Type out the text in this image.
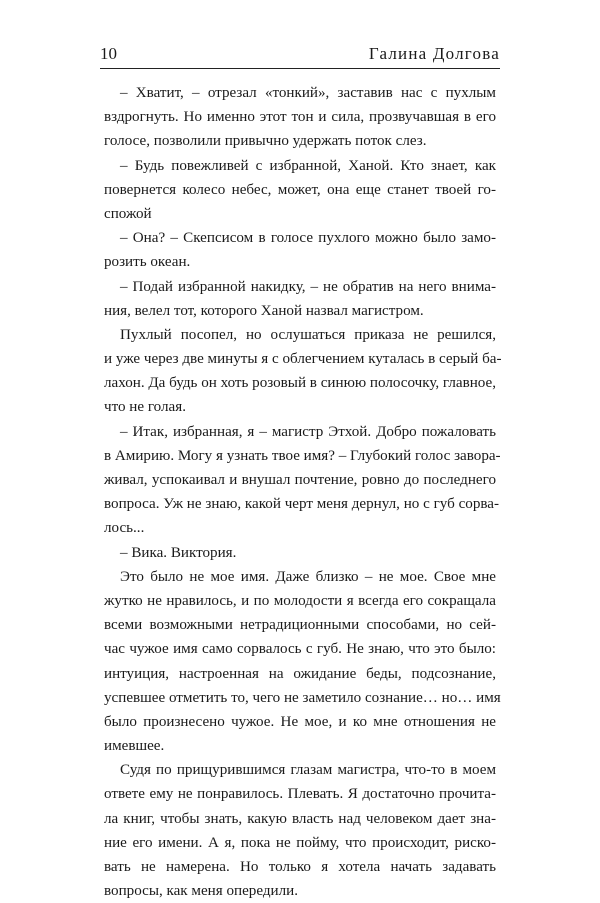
10	Галина Долгова
– Хватит, – отрезал «тонкий», заставив нас с пухлым
вздрогнуть. Но именно этот тон и сила, прозвучавшая в его
голосе, позволили привычно удержать поток слез.
– Будь повежливей с избранной, Ханой. Кто знает, как
повернется колесо небес, может, она еще станет твоей го-
спожой
– Она? – Скепсисом в голосе пухлого можно было замо-
розить океан.
– Подай избранной накидку, – не обратив на него внима-
ния, велел тот, которого Ханой назвал магистром.
Пухлый посопел, но ослушаться приказа не решился,
и уже через две минуты я с облегчением куталась в серый ба-
лахон. Да будь он хоть розовый в синюю полосочку, главное,
что не голая.
– Итак, избранная, я – магистр Этхой. Добро пожаловать
в Амирию. Могу я узнать твое имя? – Глубокий голос завора-
живал, успокаивал и внушал почтение, ровно до последнего
вопроса. Уж не знаю, какой черт меня дернул, но с губ сорва-
лось...
– Вика. Виктория.
Это было не мое имя. Даже близко – не мое. Свое мне
жутко не нравилось, и по молодости я всегда его сокращала
всеми возможными нетрадиционными способами, но сей-
час чужое имя само сорвалось с губ. Не знаю, что это было:
интуиция, настроенная на ожидание беды, подсознание,
успевшее отметить то, чего не заметило сознание… но… имя
было произнесено чужое. Не мое, и ко мне отношения не
имевшее.
Судя по прищурившимся глазам магистра, что-то в моем
ответе ему не понравилось. Плевать. Я достаточно прочита-
ла книг, чтобы знать, какую власть над человеком дает зна-
ние его имени. А я, пока не пойму, что происходит, риско-
вать не намерена. Но только я хотела начать задавать
вопросы, как меня опередили.
